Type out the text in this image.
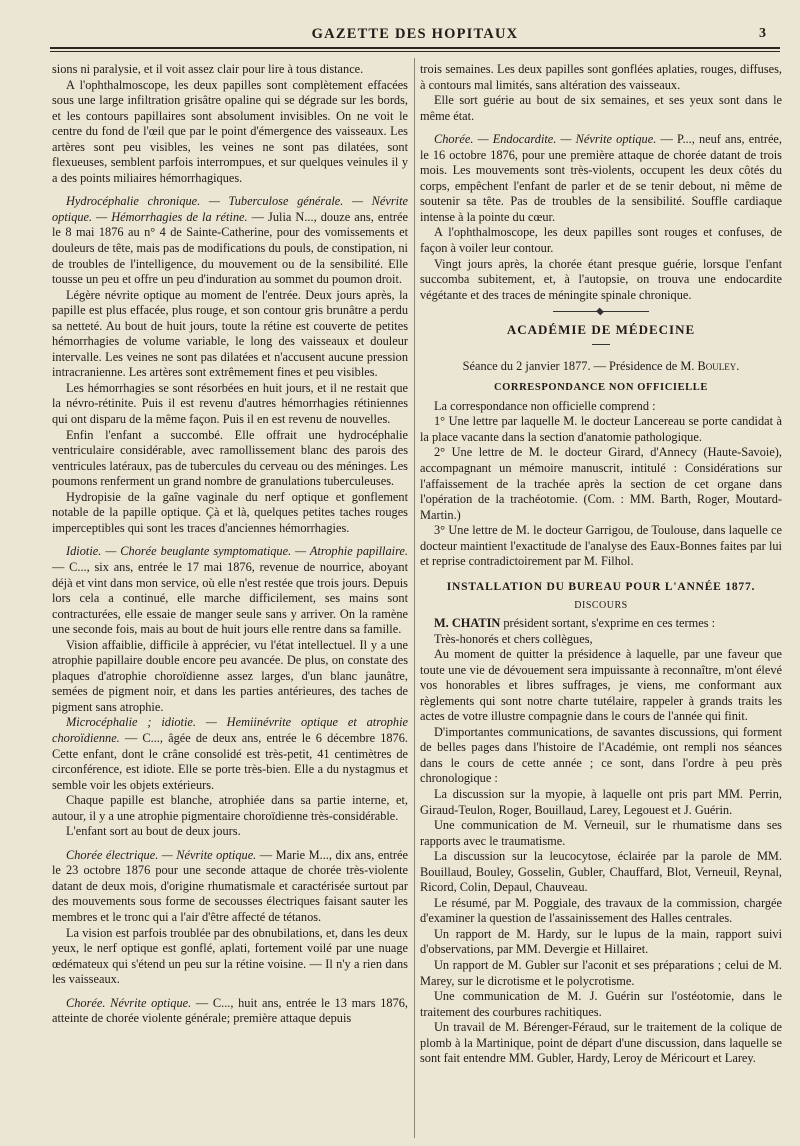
GAZETTE DES HOPITAUX	3

sions ni paralysie, et il voit assez clair pour lire à tous distance.

A l'ophthalmoscope, les deux papilles sont complètement effacées sous une large infiltration grisâtre opaline qui se dégrade sur les bords, et les contours papillaires sont absolument invisibles. On ne voit le centre du fond de l'œil que par le point d'émergence des vaisseaux. Les artères sont peu visibles, les veines ne sont pas dilatées, sont flexueuses, semblent parfois interrompues, et sur quelques veinules il y a des points miliaires hémorrhagiques.

Hydrocéphalie chronique. — Tuberculose générale. — Névrite optique. — Hémorrhagies de la rétine. — Julia N..., douze ans, entrée le 8 mai 1876 au n° 4 de Sainte-Catherine, pour des vomissements et douleurs de tête, mais pas de modifications du pouls, de constipation, ni de troubles de l'intelligence, du mouvement ou de la sensibilité. Elle tousse un peu et offre un peu d'induration au sommet du poumon droit.

Légère névrite optique au moment de l'entrée. Deux jours après, la papille est plus effacée, plus rouge, et son contour gris brunâtre a perdu sa netteté. Au bout de huit jours, toute la rétine est couverte de petites hémorrhagies de volume variable, le long des vaisseaux et douleur intervalle. Les veines ne sont pas dilatées et n'accusent aucune pression intracranienne. Les artères sont extrêmement fines et peu visibles.

Les hémorrhagies se sont résorbées en huit jours, et il ne restait que la névro-rétinite. Puis il est revenu d'autres hémorrhagies rétiniennes qui ont disparu de la même façon. Puis il en est revenu de nouvelles.

Enfin l'enfant a succombé. Elle offrait une hydrocéphalie ventriculaire considérable, avec ramollissement blanc des parois des ventricules latéraux, pas de tubercules du cerveau ou des méninges. Les poumons renferment un grand nombre de granulations tuberculeuses.

Hydropisie de la gaîne vaginale du nerf optique et gonflement notable de la papille optique. Çà et là, quelques petites taches rouges imperceptibles qui sont les traces d'anciennes hémorrhagies.

Idiotie. — Chorée beuglante symptomatique. — Atrophie papillaire. — C..., six ans, entrée le 17 mai 1876, revenue de nourrice, aboyant déjà et vint dans mon service, où elle n'est restée que trois jours. Depuis lors cela a continué, elle marche difficilement, ses mains sont contracturées, elle essaie de manger seule sans y arriver. On la ramène une seconde fois, mais au bout de huit jours elle rentre dans sa famille.

Vision affaiblie, difficile à apprécier, vu l'état intellectuel. Il y a une atrophie papillaire double encore peu avancée. De plus, on constate des plaques d'atrophie choroïdienne assez larges, d'un blanc jaunâtre, semées de pigment noir, et dans les parties antérieures, des taches de pigment sans atrophie.

Microcéphalie ; idiotie. — Hemiinévrite optique et atrophie choroïdienne. — C..., âgée de deux ans, entrée le 6 décembre 1876. Cette enfant, dont le crâne consolidé est très-petit, 41 centimètres de circonférence, est idiote. Elle se porte très-bien. Elle a du nystagmus et semble voir les objets extérieurs.

Chaque papille est blanche, atrophiée dans sa partie interne, et, autour, il y a une atrophie pigmentaire choroïdienne très-considérable.

L'enfant sort au bout de deux jours.

Chorée électrique. — Névrite optique. — Marie M..., dix ans, entrée le 23 octobre 1876 pour une seconde attaque de chorée très-violente datant de deux mois, d'origine rhumatismale et caractérisée surtout par des mouvements sous forme de secousses électriques faisant sauter les membres et le tronc qui a l'air d'être affecté de tétanos.

La vision est parfois troublée par des obnubilations, et, dans les deux yeux, le nerf optique est gonflé, aplati, fortement voilé par une nuage œdémateux qui s'étend un peu sur la rétine voisine. — Il n'y a rien dans les vaisseaux.

Chorée. Névrite optique. — C..., huit ans, entrée le 13 mars 1876, atteinte de chorée violente générale; première attaque depuis

trois semaines. Les deux papilles sont gonflées aplaties, rouges, diffuses, à contours mal limités, sans altération des vaisseaux.

Elle sort guérie au bout de six semaines, et ses yeux sont dans le même état.

Chorée. — Endocardite. — Névrite optique. — P..., neuf ans, entrée, le 16 octobre 1876, pour une première attaque de chorée datant de trois mois. Les mouvements sont très-violents, occupent les deux côtés du corps, empêchent l'enfant de parler et de se tenir debout, ni même de soutenir sa tête. Pas de troubles de la sensibilité. Souffle cardiaque intense à la pointe du cœur.

A l'ophthalmoscope, les deux papilles sont rouges et confuses, de façon à voiler leur contour.

Vingt jours après, la chorée étant presque guérie, lorsque l'enfant succomba subitement, et, à l'autopsie, on trouva une endocardite végétante et des traces de méningite spinale chronique.

ACADÉMIE DE MÉDECINE

Séance du 2 janvier 1877. — Présidence de M. Bouley.

CORRESPONDANCE NON OFFICIELLE

La correspondance non officielle comprend :

1° Une lettre par laquelle M. le docteur Lancereau se porte candidat à la place vacante dans la section d'anatomie pathologique.

2° Une lettre de M. le docteur Girard, d'Annecy (Haute-Savoie), accompagnant un mémoire manuscrit, intitulé : Considérations sur l'affaissement de la trachée après la section de cet organe dans l'opération de la trachéotomie. (Com. : MM. Barth, Roger, Moutard-Martin.)

3° Une lettre de M. le docteur Garrigou, de Toulouse, dans laquelle ce docteur maintient l'exactitude de l'analyse des Eaux-Bonnes faites par lui et reprise contradictoirement par M. Filhol.

INSTALLATION DU BUREAU POUR L'ANNÉE 1877.
DISCOURS

M. CHATIN président sortant, s'exprime en ces termes :

Très-honorés et chers collègues,

Au moment de quitter la présidence à laquelle, par une faveur que toute une vie de dévouement sera impuissante à reconnaître, m'ont élevé vos honorables et libres suffrages, je viens, me conformant aux règlements qui sont notre charte tutélaire, rappeler à grands traits les actes de votre illustre compagnie dans le cours de l'année qui finit.

D'importantes communications, de savantes discussions, qui forment de belles pages dans l'histoire de l'Académie, ont rempli nos séances dans le cours de cette année ; ce sont, dans l'ordre à peu près chronologique :

La discussion sur la myopie, à laquelle ont pris part MM. Perrin, Giraud-Teulon, Roger, Bouillaud, Larey, Legouest et J. Guérin.

Une communication de M. Verneuil, sur le rhumatisme dans ses rapports avec le traumatisme.

La discussion sur la leucocytose, éclairée par la parole de MM. Bouillaud, Bouley, Gosselin, Gubler, Chauffard, Blot, Verneuil, Reynal, Ricord, Colin, Depaul, Chauveau.

Le résumé, par M. Poggiale, des travaux de la commission, chargée d'examiner la question de l'assainissement des Halles centrales.

Un rapport de M. Hardy, sur le lupus de la main, rapport suivi d'observations, par MM. Devergie et Hillairet.

Un rapport de M. Gubler sur l'aconit et ses préparations ; celui de M. Marey, sur le dicrotisme et le polycrotisme.

Une communication de M. J. Guérin sur l'ostéotomie, dans le traitement des courbures rachitiques.

Un travail de M. Bérenger-Féraud, sur le traitement de la colique de plomb à la Martinique, point de départ d'une discussion, dans laquelle se sont fait entendre MM. Gubler, Hardy, Leroy de Méricourt et Larey.
